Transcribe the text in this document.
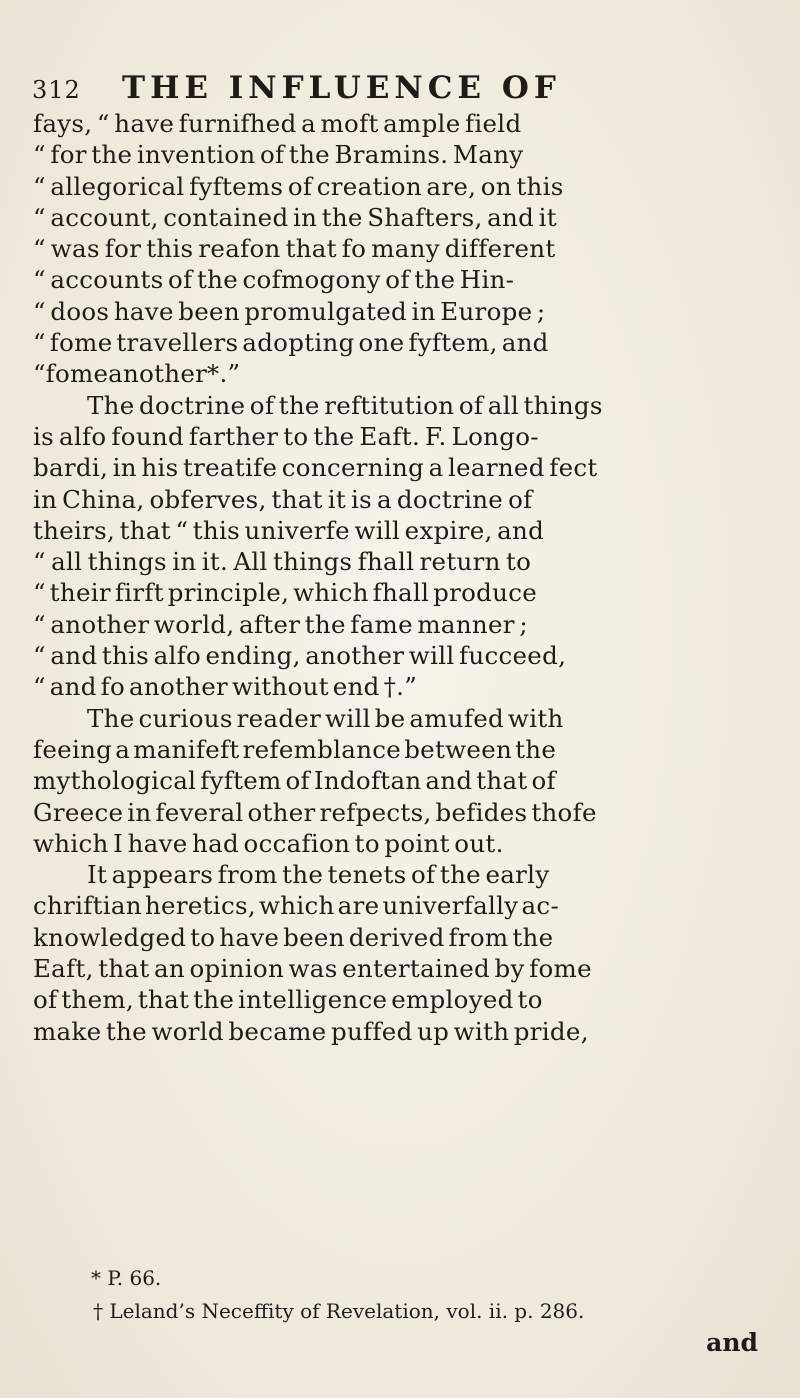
312 THE INFLUENCE OF
fays, “ have furnifhed a moft ample field
“ for the invention of the Bramins. Many
“ allegorical fyftems of creation are, on this
“ account, contained in the Shafters, and it
“ was for this reafon that fo many different
“ accounts of the cofmogony of the Hin-
“ doos have been promulgated in Europe ;
“ fome travellers adopting one fyftem, and
“ fome another *.”
The doctrine of the reftitution of all things
is alfo found farther to the Eaft. F. Longo-
bardi, in his treatife concerning a learned fect
in China, obferves, that it is a doctrine of
theirs, that “ this univerfe will expire, and
“ all things in it. All things fhall return to
“ their firft principle, which fhall produce
“ another world, after the fame manner ;
“ and this alfo ending, another will fucceed,
“ and fo another without end †.”
The curious reader will be amufed with
feeing a manifeft refemblance between the
mythological fyftem of Indoftan and that of
Greece in feveral other refpects, befides thofe
which I have had occafion to point out.
It appears from the tenets of the early
chriftian heretics, which are univerfally ac-
knowledged to have been derived from the
Eaft, that an opinion was entertained by fome
of them, that the intelligence employed to
make the world became puffed up with pride,
* P. 66.
† Leland’s Neceffity of Revelation, vol. ii. p. 286.
and
